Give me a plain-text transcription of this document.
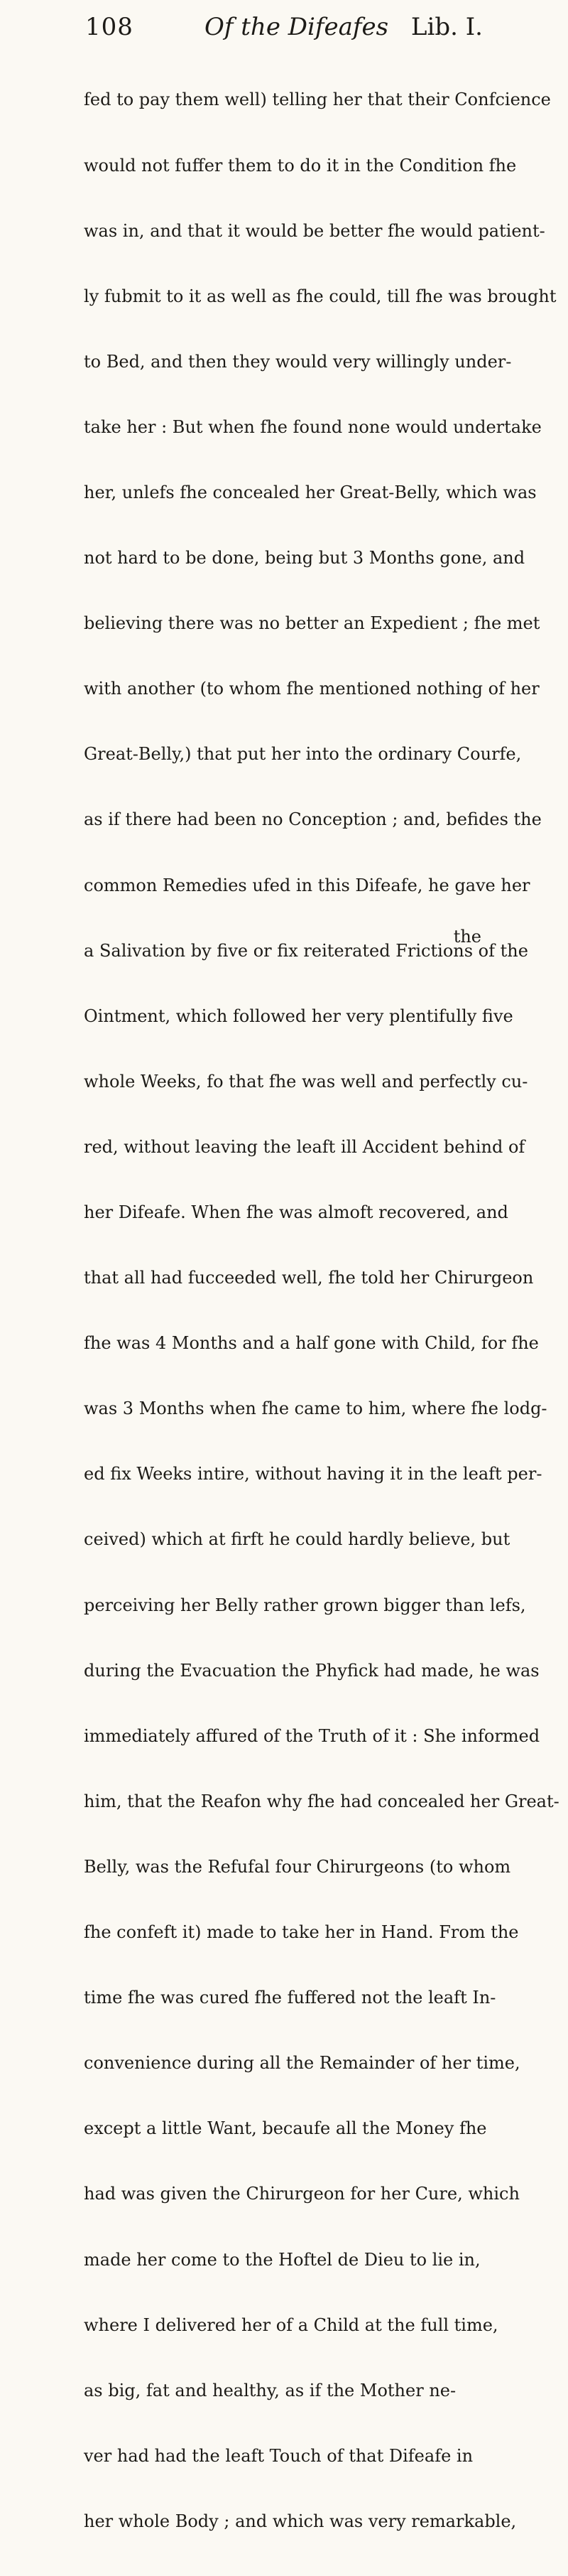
108	Of the Difeafes Lib. I.

fed to pay them well) telling her that their Confcience

would not fuffer them to do it in the Condition fhe

was in, and that it would be better fhe would patient-

ly fubmit to it as well as fhe could, till fhe was brought

to Bed, and then they would very willingly under-

take her : But when fhe found none would undertake

her, unlefs fhe concealed her Great-Belly, which was

not hard to be done, being but 3 Months gone, and

believing there was no better an Expedient ; fhe met

with another (to whom fhe mentioned nothing of her

Great-Belly,) that put her into the ordinary Courfe,

as if there had been no Conception ; and, befides the

common Remedies ufed in this Difeafe, he gave her

a Salivation by five or fix reiterated Frictions of the

Ointment, which followed her very plentifully five

whole Weeks, fo that fhe was well and perfectly cu-

red, without leaving the leaft ill Accident behind of

her Difeafe. When fhe was almoft recovered, and

that all had fucceeded well, fhe told her Chirurgeon

fhe was 4 Months and a half gone with Child, for fhe

was 3 Months when fhe came to him, where fhe lodg-

ed fix Weeks intire, without having it in the leaft per-

ceived) which at firft he could hardly believe, but

perceiving her Belly rather grown bigger than lefs,

during the Evacuation the Phyfick had made, he was

immediately affured of the Truth of it : She informed

him, that the Reafon why fhe had concealed her Great-

Belly, was the Refufal four Chirurgeons (to whom

fhe confeft it) made to take her in Hand. From the

time fhe was cured fhe fuffered not the leaft In-

convenience during all the Remainder of her time,

except a little Want, becaufe all the Money fhe

had was given the Chirurgeon for her Cure, which

made her come to the Hoftel de Dieu to lie in,

where I delivered her of a Child at the full time,

as big, fat and healthy, as if the Mother ne-

ver had had the leaft Touch of that Difeafe in

her whole Body ; and which was very remarkable,

the
